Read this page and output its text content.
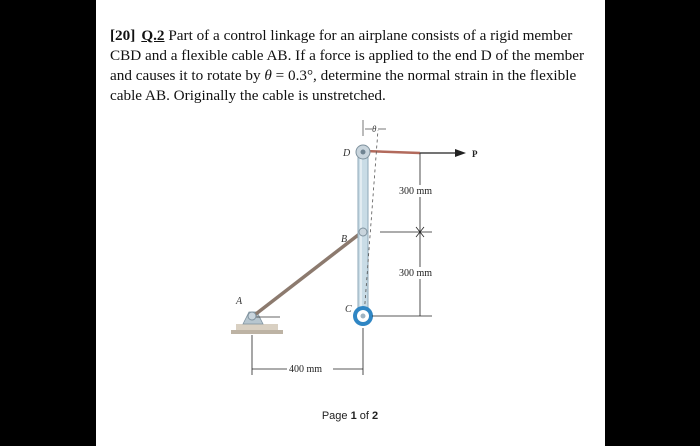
[20] Q.2 Part of a control linkage for an airplane consists of a rigid member CBD and a flexible cable AB. If a force is applied to the end D of the member and causes it to rotate by θ = 0.3°, determine the normal strain in the flexible cable AB. Originally the cable is unstretched.

A
B
C
D	P
θ
300 mm
300 mm
400 mm
Page 1 of 2
